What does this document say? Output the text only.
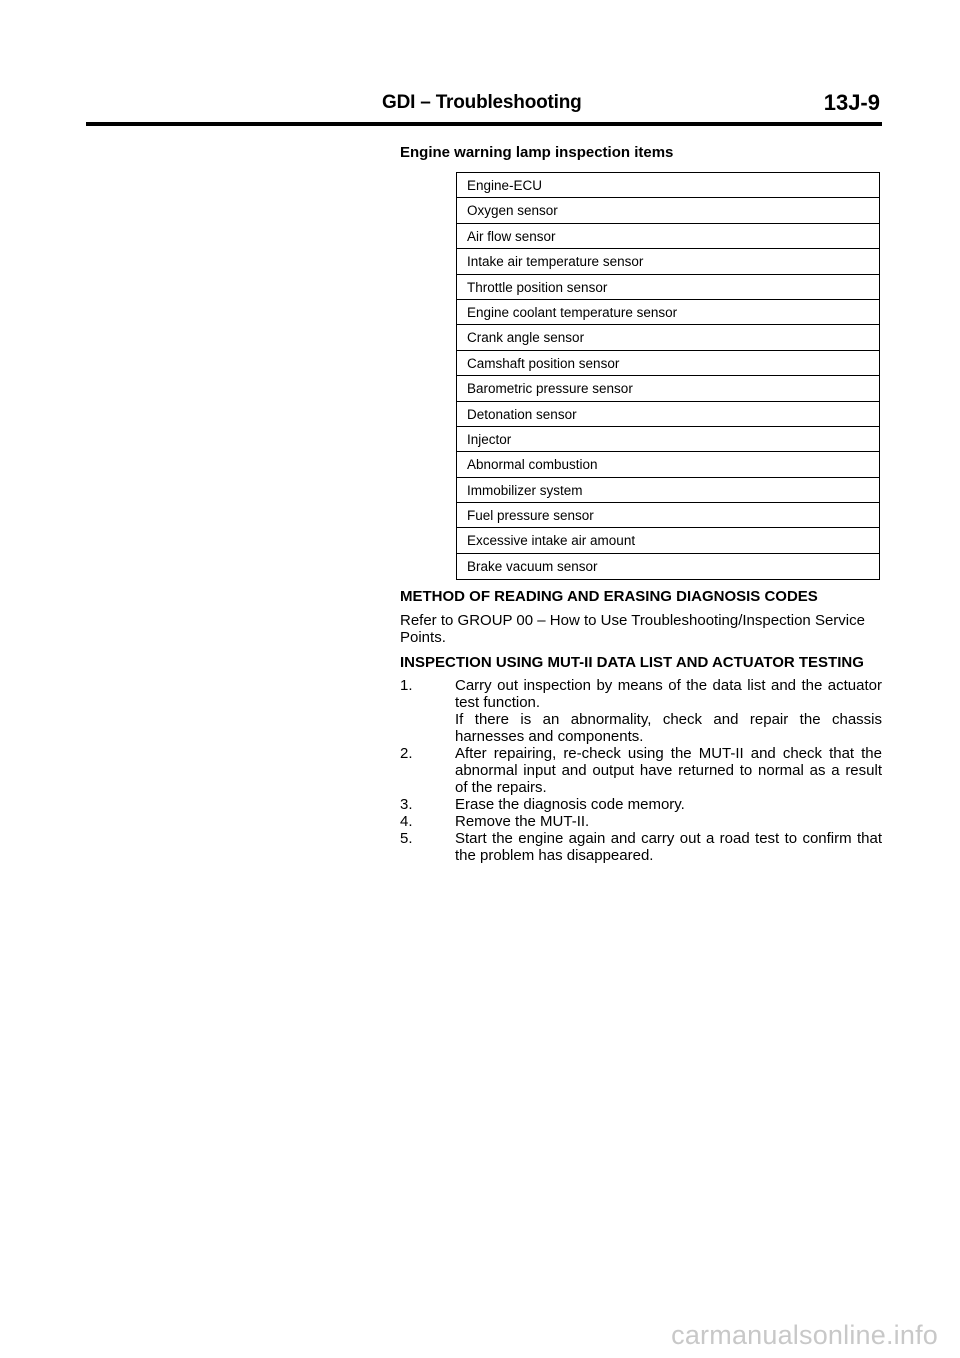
GDI – Troubleshooting	13J-9

Engine warning lamp inspection items

Engine-ECU
Oxygen sensor
Air flow sensor
Intake air temperature sensor
Throttle position sensor
Engine coolant temperature sensor
Crank angle sensor
Camshaft position sensor
Barometric pressure sensor
Detonation sensor
Injector
Abnormal combustion
Immobilizer system
Fuel pressure sensor
Excessive intake air amount
Brake vacuum sensor

METHOD OF READING AND ERASING DIAGNOSIS CODES

Refer to GROUP 00 – How to Use Troubleshooting/Inspection Service Points.

INSPECTION USING MUT-II DATA LIST AND ACTUATOR TESTING

1.	Carry out inspection by means of the data list and the actuator test function.
If there is an abnormality, check and repair the chassis harnesses and components.
2.	After repairing, re-check using the MUT-II and check that the abnormal input and output have returned to normal as a result of the repairs.
3.	Erase the diagnosis code memory.
4.	Remove the MUT-II.
5.	Start the engine again and carry out a road test to confirm that the problem has disappeared.
carmanualsonline.info
